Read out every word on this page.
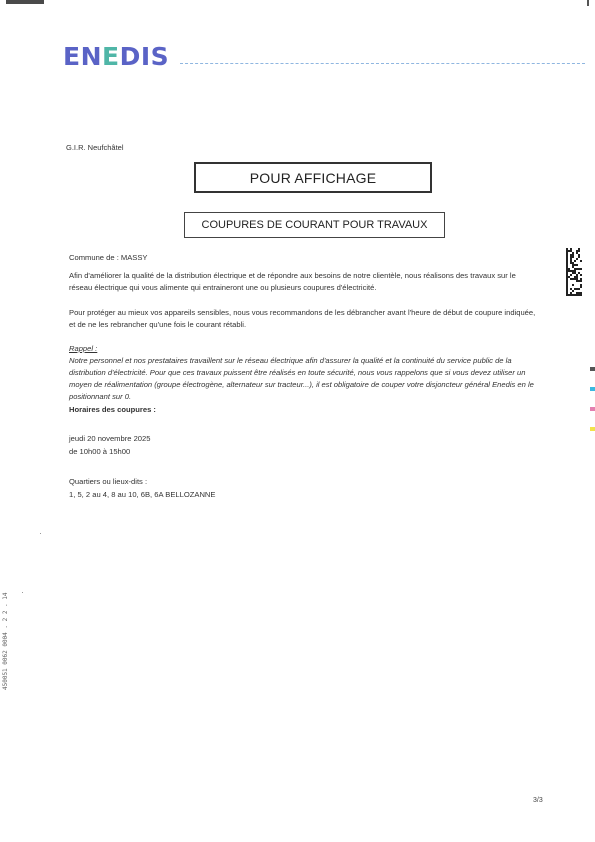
ENEDIS
G.I.R. Neufchâtel
POUR AFFICHAGE
COUPURES DE COURANT POUR TRAVAUX
Commune de : MASSY
Afin d'améliorer la qualité de la distribution électrique et de répondre aux besoins de notre clientèle, nous réalisons des travaux sur le réseau électrique qui vous alimente qui entraineront une ou plusieurs coupures d'électricité.
Pour protéger au mieux vos appareils sensibles, nous vous recommandons de les débrancher avant l'heure de début de coupure indiquée, et de ne les rebrancher qu'une fois le courant rétabli.
Rappel :
Notre personnel et nos prestataires travaillent sur le réseau électrique afin d'assurer la qualité et la continuité du service public de la distribution d'électricité. Pour que ces travaux puissent être réalisés en toute sécurité, nous vous rappelons que si vous devez utiliser un moyen de réalimentation (groupe électrogène, alternateur sur tracteur...), il est obligatoire de couper votre disjoncteur général Enedis en le positionnant sur 0.
Horaires des coupures :
jeudi 20 novembre 2025
de 10h00 à 15h00
Quartiers ou lieux-dits :
1, 5, 2 au 4, 8 au 10, 6B, 6A BELLOZANNE
450051 0062 0004 . 2 2 . 14
3/3
